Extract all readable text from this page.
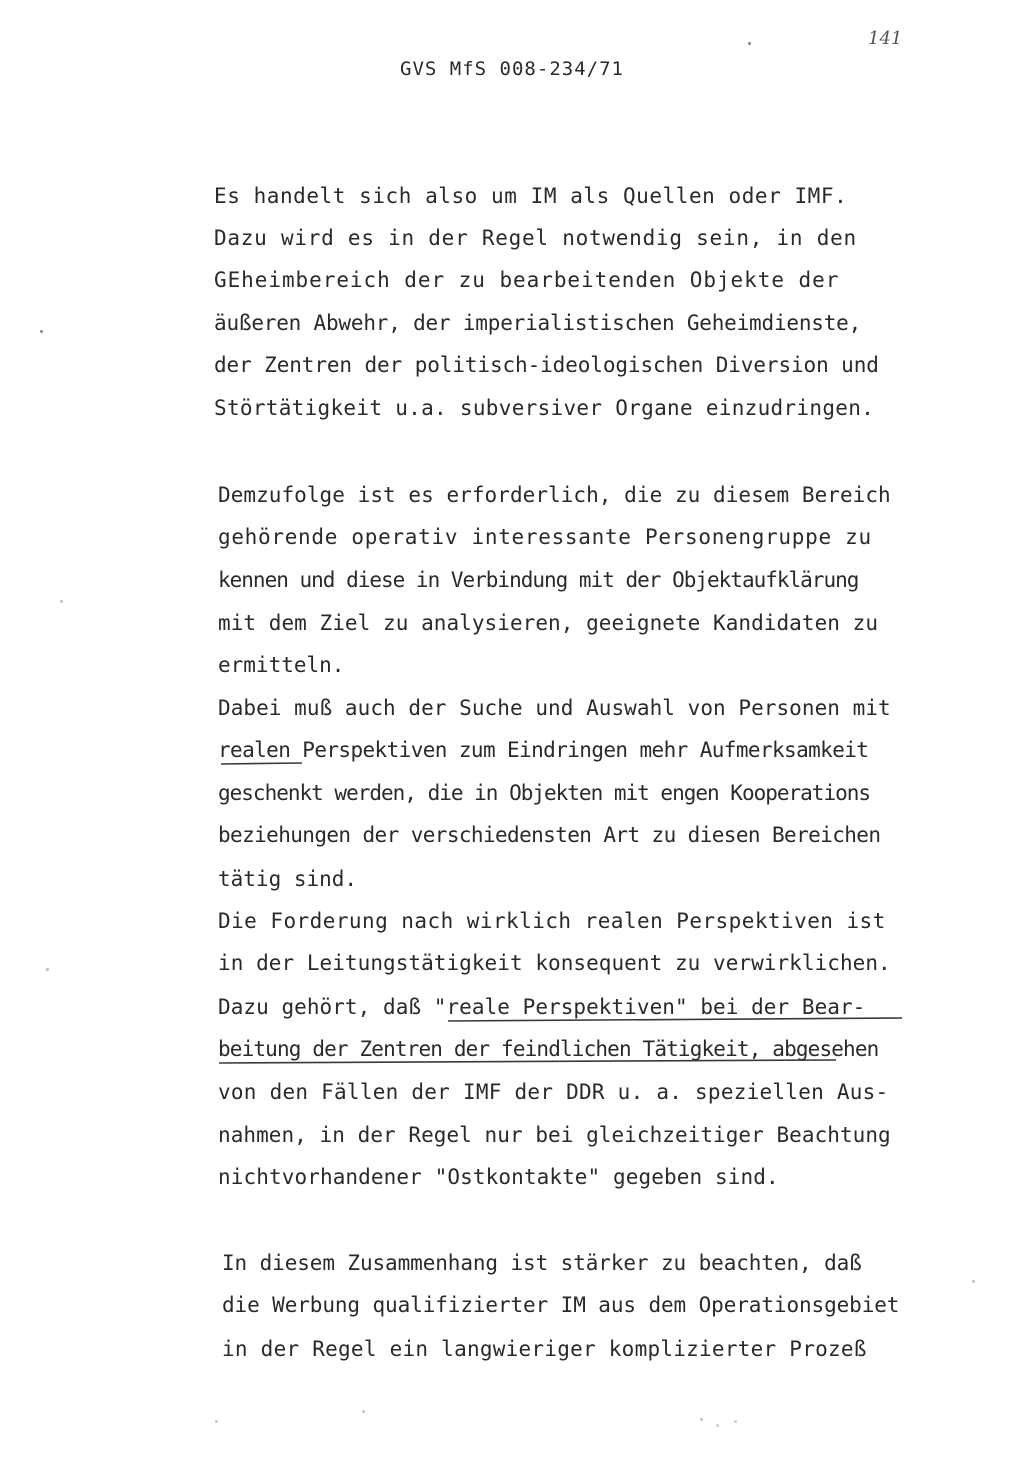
GVS MfS 008-234/71
141
Es handelt sich also um IM als Quellen oder IMF.
Dazu wird es in der Regel notwendig sein, in den
GEheimbereich der zu bearbeitenden Objekte der
äußeren Abwehr, der imperialistischen Geheimdienste,
der Zentren der politisch-ideologischen Diversion und
Störtätigkeit u.a. subversiver Organe einzudringen.
Demzufolge ist es erforderlich, die zu diesem Bereich
gehörende operativ interessante Personengruppe zu
kennen und diese in Verbindung mit der Objektaufklärung
mit dem Ziel zu analysieren, geeignete Kandidaten zu
ermitteln.
Dabei muß auch der Suche und Auswahl von Personen mit
realen Perspektiven zum Eindringen mehr Aufmerksamkeit
geschenkt werden, die in Objekten mit engen Kooperations
beziehungen der verschiedensten Art zu diesen Bereichen
tätig sind.
Die Forderung nach wirklich realen Perspektiven ist
in der Leitungstätigkeit konsequent zu verwirklichen.
Dazu gehört, daß "reale Perspektiven" bei der Bear-
beitung der Zentren der feindlichen Tätigkeit, abgesehen
von den Fällen der IMF der DDR u. a. speziellen Aus-
nahmen, in der Regel nur bei gleichzeitiger Beachtung
nichtvorhandener "Ostkontakte" gegeben sind.
In diesem Zusammenhang ist stärker zu beachten, daß
die Werbung qualifizierter IM aus dem Operationsgebiet
in der Regel ein langwieriger komplizierter Prozeß
